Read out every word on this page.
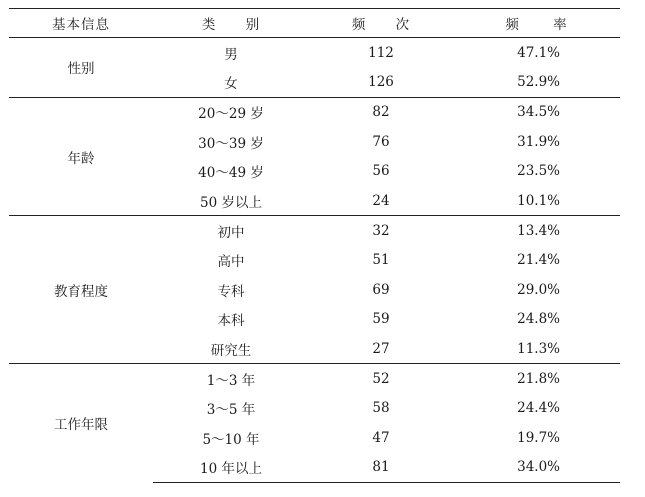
基本信息	类 别	频 次	频 率
性别	男	112	47.1%
	女	126	52.9%
年龄	20～29 岁	82	34.5%
	30～39 岁	76	31.9%
	40～49 岁	56	23.5%
	50 岁以上	24	10.1%
教育程度	初中	32	13.4%
	高中	51	21.4%
	专科	69	29.0%
	本科	59	24.8%
	研究生	27	11.3%
工作年限	1～3 年	52	21.8%
	3～5 年	58	24.4%
	5～10 年	47	19.7%
	10 年以上	81	34.0%
